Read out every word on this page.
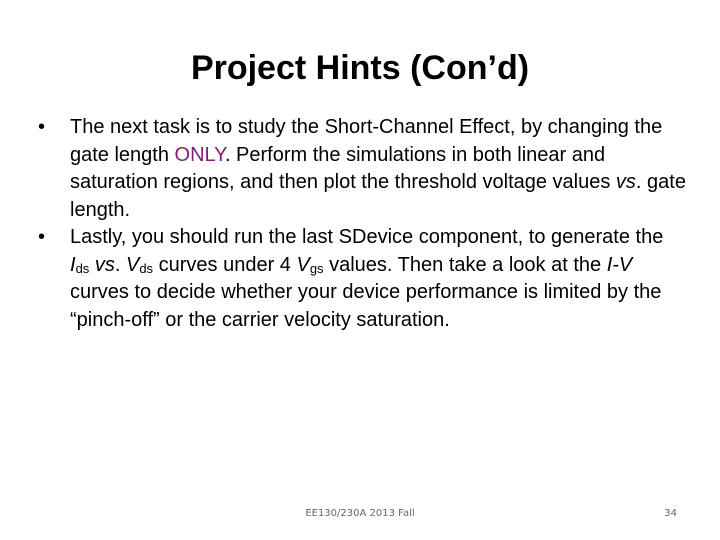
Project Hints (Con’d)
•	The next task is to study the Short-Channel Effect, by changing the gate length ONLY. Perform the simulations in both linear and saturation regions, and then plot the threshold voltage values vs. gate length.
•	Lastly, you should run the last SDevice component, to generate the $I_{ds}$ vs. $V_{ds}$ curves under 4 $V_{gs}$ values. Then take a look at the I-V curves to decide whether your device performance is limited by the “pinch-off” or the carrier velocity saturation.
EE130/230A 2013 Fall	34
